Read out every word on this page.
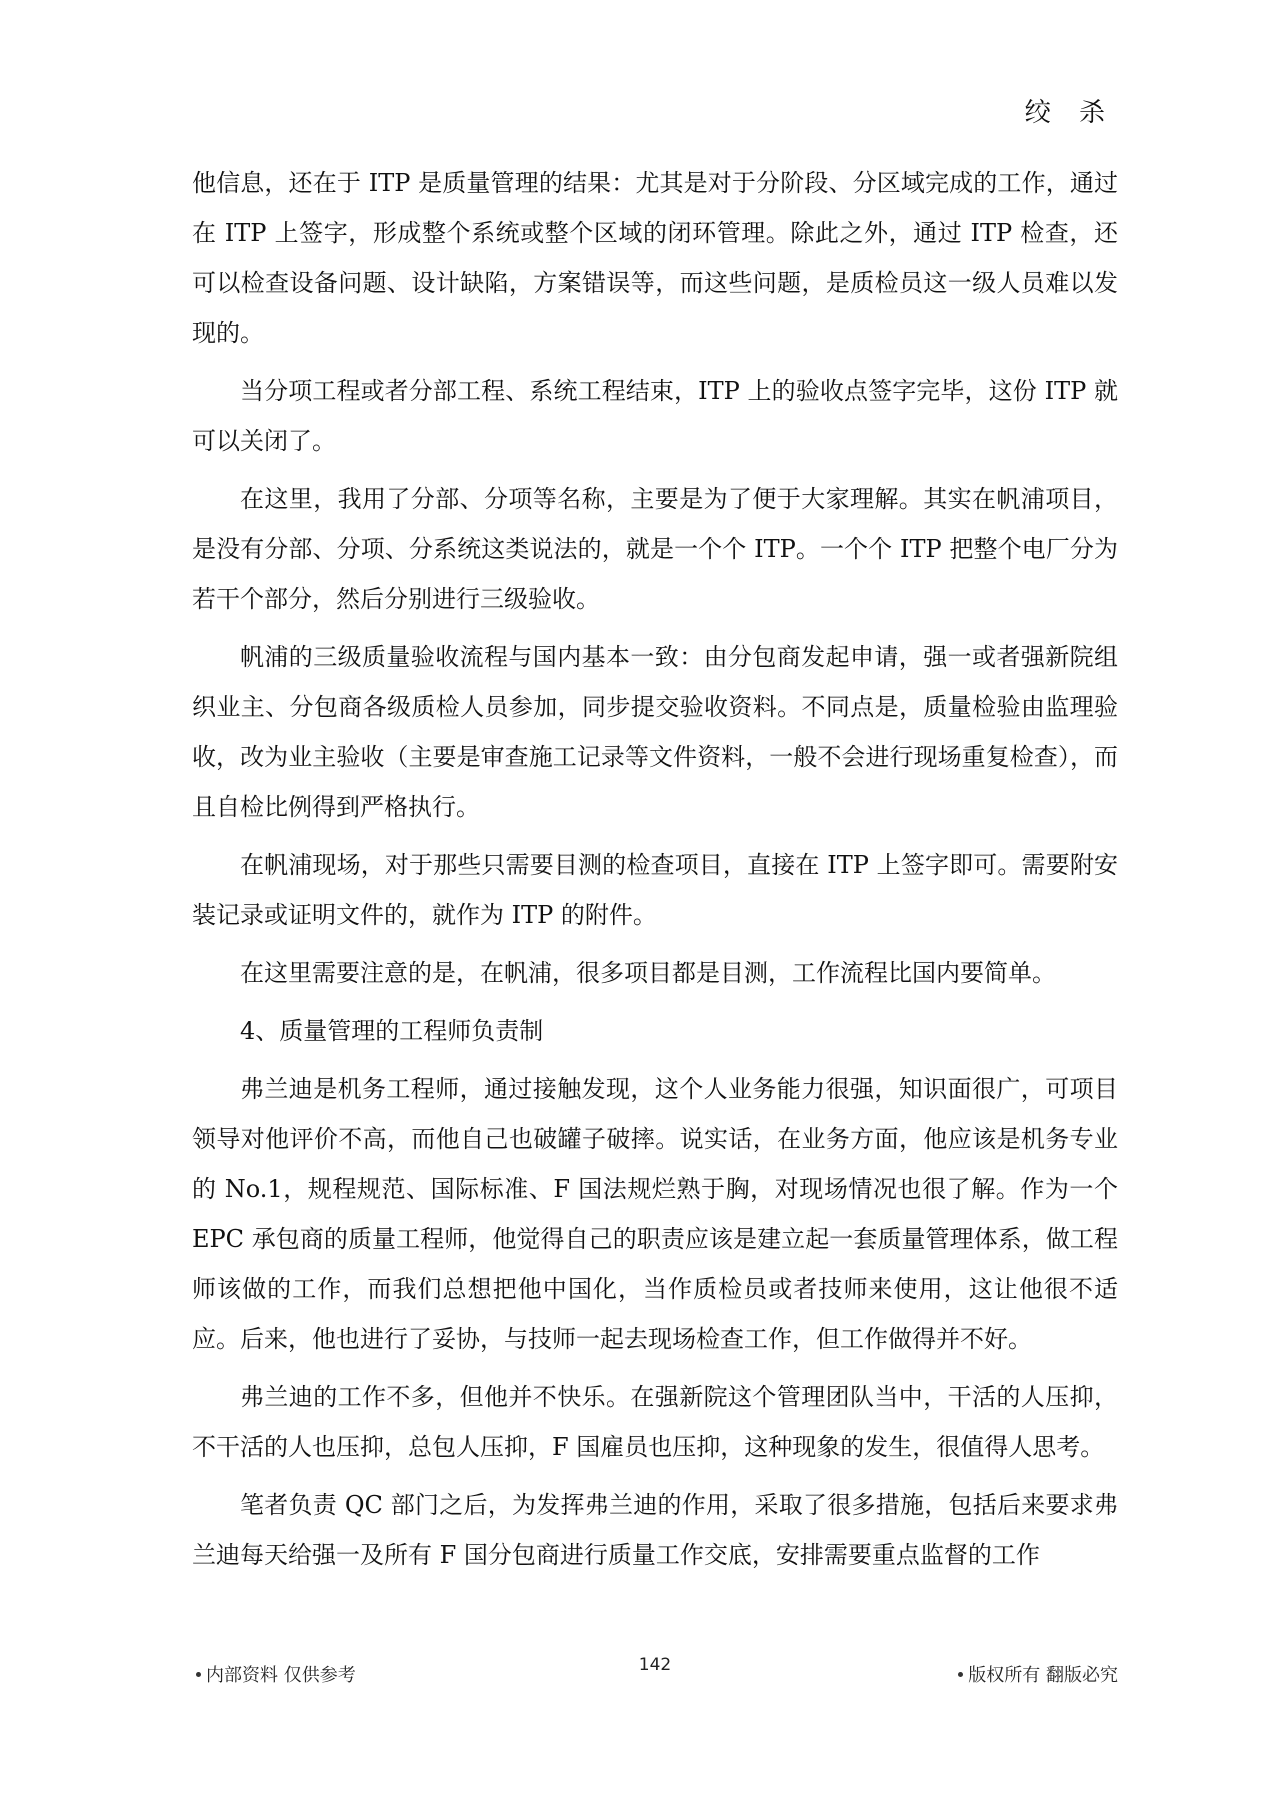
绞 杀

他信息，还在于 ITP 是质量管理的结果：尤其是对于分阶段、分区域完成的工作，通过在 ITP 上签字，形成整个系统或整个区域的闭环管理。除此之外，通过 ITP 检查，还可以检查设备问题、设计缺陷，方案错误等，而这些问题，是质检员这一级人员难以发现的。

当分项工程或者分部工程、系统工程结束，ITP 上的验收点签字完毕，这份 ITP 就可以关闭了。

在这里，我用了分部、分项等名称，主要是为了便于大家理解。其实在帆浦项目，是没有分部、分项、分系统这类说法的，就是一个个 ITP。一个个 ITP 把整个电厂分为若干个部分，然后分别进行三级验收。

帆浦的三级质量验收流程与国内基本一致：由分包商发起申请，强一或者强新院组织业主、分包商各级质检人员参加，同步提交验收资料。不同点是，质量检验由监理验收，改为业主验收（主要是审查施工记录等文件资料，一般不会进行现场重复检查），而且自检比例得到严格执行。

在帆浦现场，对于那些只需要目测的检查项目，直接在 ITP 上签字即可。需要附安装记录或证明文件的，就作为 ITP 的附件。

在这里需要注意的是，在帆浦，很多项目都是目测，工作流程比国内要简单。

4、质量管理的工程师负责制

弗兰迪是机务工程师，通过接触发现，这个人业务能力很强，知识面很广，可项目领导对他评价不高，而他自己也破罐子破摔。说实话，在业务方面，他应该是机务专业的 No.1，规程规范、国际标准、F 国法规烂熟于胸，对现场情况也很了解。作为一个 EPC 承包商的质量工程师，他觉得自己的职责应该是建立起一套质量管理体系，做工程师该做的工作，而我们总想把他中国化，当作质检员或者技师来使用，这让他很不适应。后来，他也进行了妥协，与技师一起去现场检查工作，但工作做得并不好。

弗兰迪的工作不多，但他并不快乐。在强新院这个管理团队当中，干活的人压抑，不干活的人也压抑，总包人压抑，F 国雇员也压抑，这种现象的发生，很值得人思考。

笔者负责 QC 部门之后，为发挥弗兰迪的作用，采取了很多措施，包括后来要求弗兰迪每天给强一及所有 F 国分包商进行质量工作交底，安排需要重点监督的工作

内部资料 仅供参考	142	版权所有 翻版必究
